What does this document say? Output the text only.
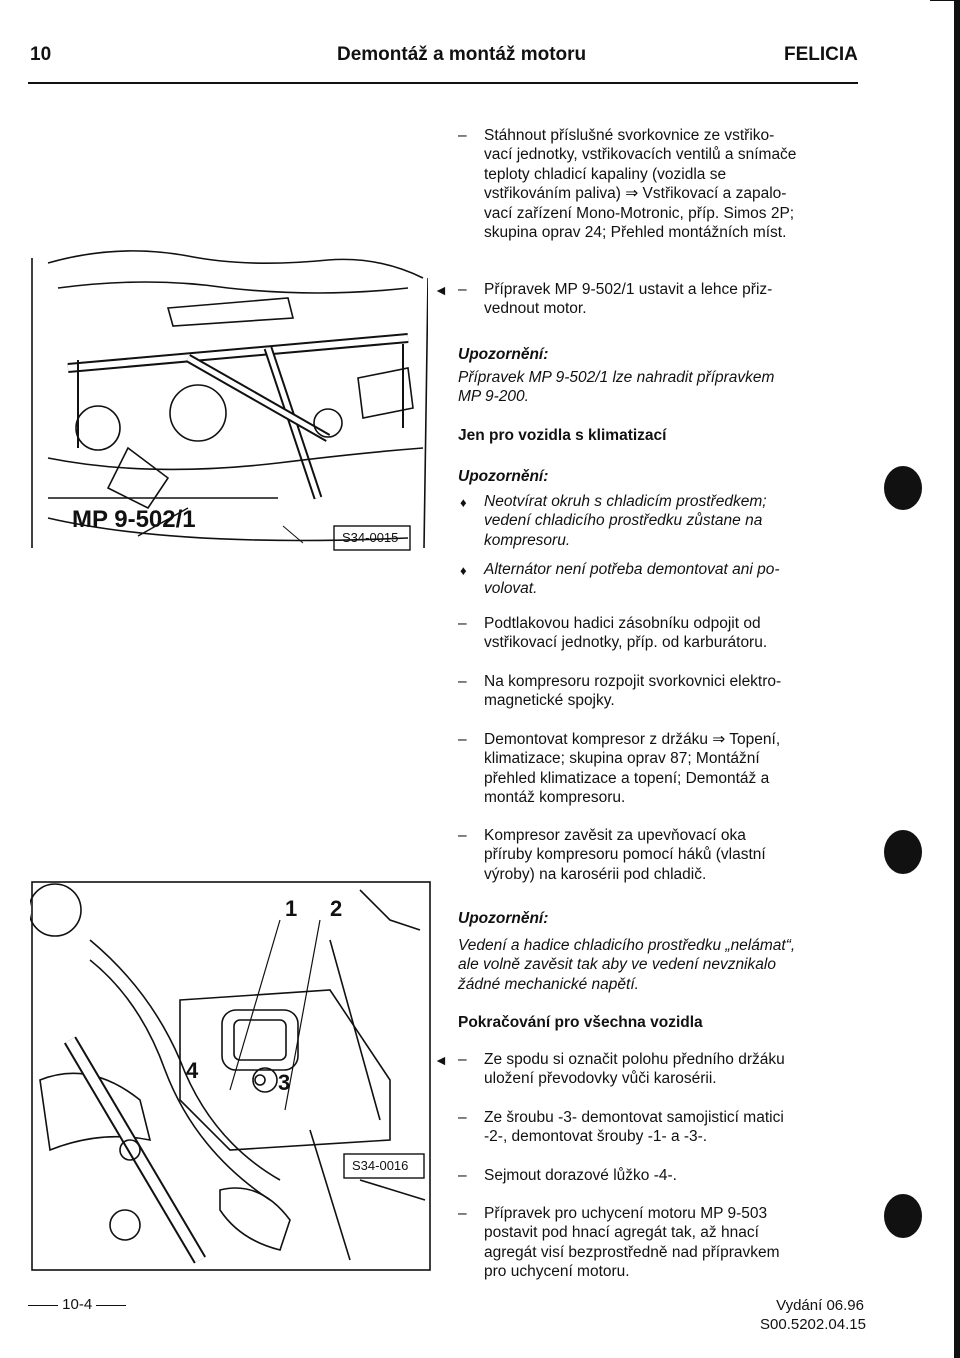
10	Demontáž a montáž motoru	FELICIA
MP 9-502/1
S34-0015
1 2
3
4
S34-0016
– Stáhnout příslušné svorkovnice ze vstřiko-vací jednotky, vstřikovacích ventilů a snímače teploty chladicí kapaliny (vozidla se vstřikováním paliva) ⇒ Vstřikovací a zapalo-vací zařízení Mono-Motronic, příp. Simos 2P; skupina oprav 24; Přehled montážních míst.
◄ – Přípravek MP 9-502/1 ustavit a lehce přiz-vednout motor.
Upozornění:
Přípravek MP 9-502/1 lze nahradit přípravkem MP 9-200.
Jen pro vozidla s klimatizací
Upozornění:
♦ Neotvírat okruh s chladicím prostředkem; vedení chladicího prostředku zůstane na kompresoru.
♦ Alternátor není potřeba demontovat ani po-volovat.
– Podtlakovou hadici zásobníku odpojit od vstřikovací jednotky, příp. od karburátoru.
– Na kompresoru rozpojit svorkovnici elektro-magnetické spojky.
– Demontovat kompresor z držáku ⇒ Topení, klimatizace; skupina oprav 87; Montážní přehled klimatizace a topení; Demontáž a montáž kompresoru.
– Kompresor zavěsit za upevňovací oka příruby kompresoru pomocí háků (vlastní výroby) na karosérii pod chladič.
Upozornění:
Vedení a hadice chladicího prostředku „nelámat“, ale volně zavěsit tak aby ve vedení nevznikalo žádné mechanické napětí.
Pokračování pro všechna vozidla
◄ – Ze spodu si označit polohu předního držáku uložení převodovky vůči karosérii.
– Ze šroubu -3- demontovat samojisticí matici -2-, demontovat šrouby -1- a -3-.
– Sejmout dorazové lůžko -4-.
– Přípravek pro uchycení motoru MP 9-503 postavit pod hnací agregát tak, až hnací agregát visí bezprostředně nad přípravkem pro uchycení motoru.
10-4	Vydání 06.96
S00.5202.04.15
